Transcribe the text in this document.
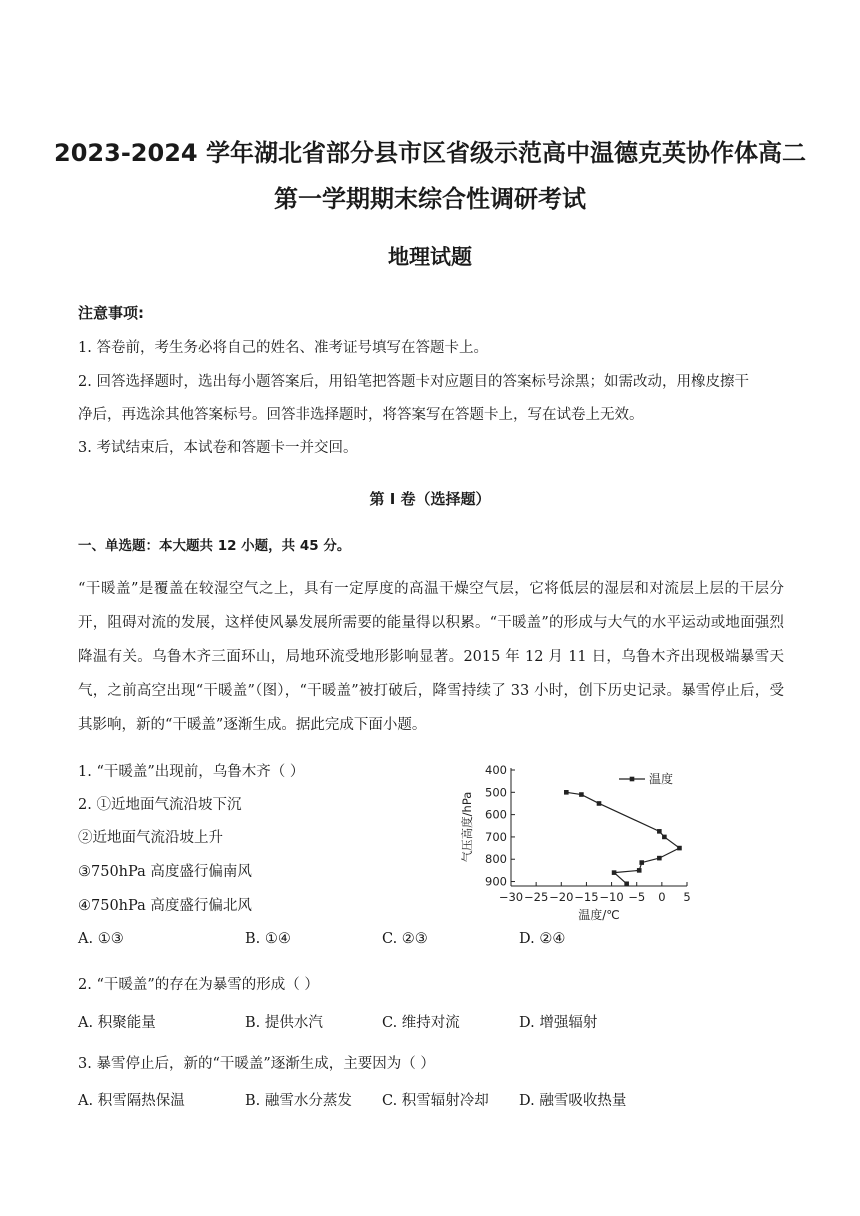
2023-2024 学年湖北省部分县市区省级示范高中温德克英协作体高二
第一学期期末综合性调研考试
地理试题
注意事项:
1. 答卷前，考生务必将自己的姓名、准考证号填写在答题卡上。
2. 回答选择题时，选出每小题答案后，用铅笔把答题卡对应题目的答案标号涂黑；如需改动，用橡皮擦干
净后，再选涂其他答案标号。回答非选择题时，将答案写在答题卡上，写在试卷上无效。
3. 考试结束后，本试卷和答题卡一并交回。
第 I 卷（选择题）
一、单选题：本大题共 12 小题，共 45 分。
“干暖盖”是覆盖在较湿空气之上，具有一定厚度的高温干燥空气层，它将低层的湿层和对流层上层的干层分开，阻碍对流的发展，这样使风暴发展所需要的能量得以积累。“干暖盖”的形成与大气的水平运动或地面强烈降温有关。乌鲁木齐三面环山，局地环流受地形影响显著。2015 年 12 月 11 日，乌鲁木齐出现极端暴雪天气，之前高空出现“干暖盖”（图），“干暖盖”被打破后，降雪持续了 33 小时，创下历史记录。暴雪停止后，受其影响，新的“干暖盖”逐渐生成。据此完成下面小题。
1. “干暖盖”出现前，乌鲁木齐（ ）
2. ①近地面气流沿坡下沉
②近地面气流沿坡上升
③750hPa 高度盛行偏南风
④750hPa 高度盛行偏北风
A. ①③	B. ①④	C. ②③	D. ②④
2. “干暖盖”的存在为暴雪的形成（ ）
A. 积聚能量	B. 提供水汽	C. 维持对流	D. 增强辐射
3. 暴雪停止后，新的“干暖盖”逐渐生成，主要因为（ ）
A. 积雪隔热保温	B. 融雪水分蒸发 C. 积雪辐射冷却 D. 融雪吸收热量
400
500
600
700
800
900
−30 −25 −20 −15 −10 −5 0 5
温度
气压高度/hPa
温度/℃
